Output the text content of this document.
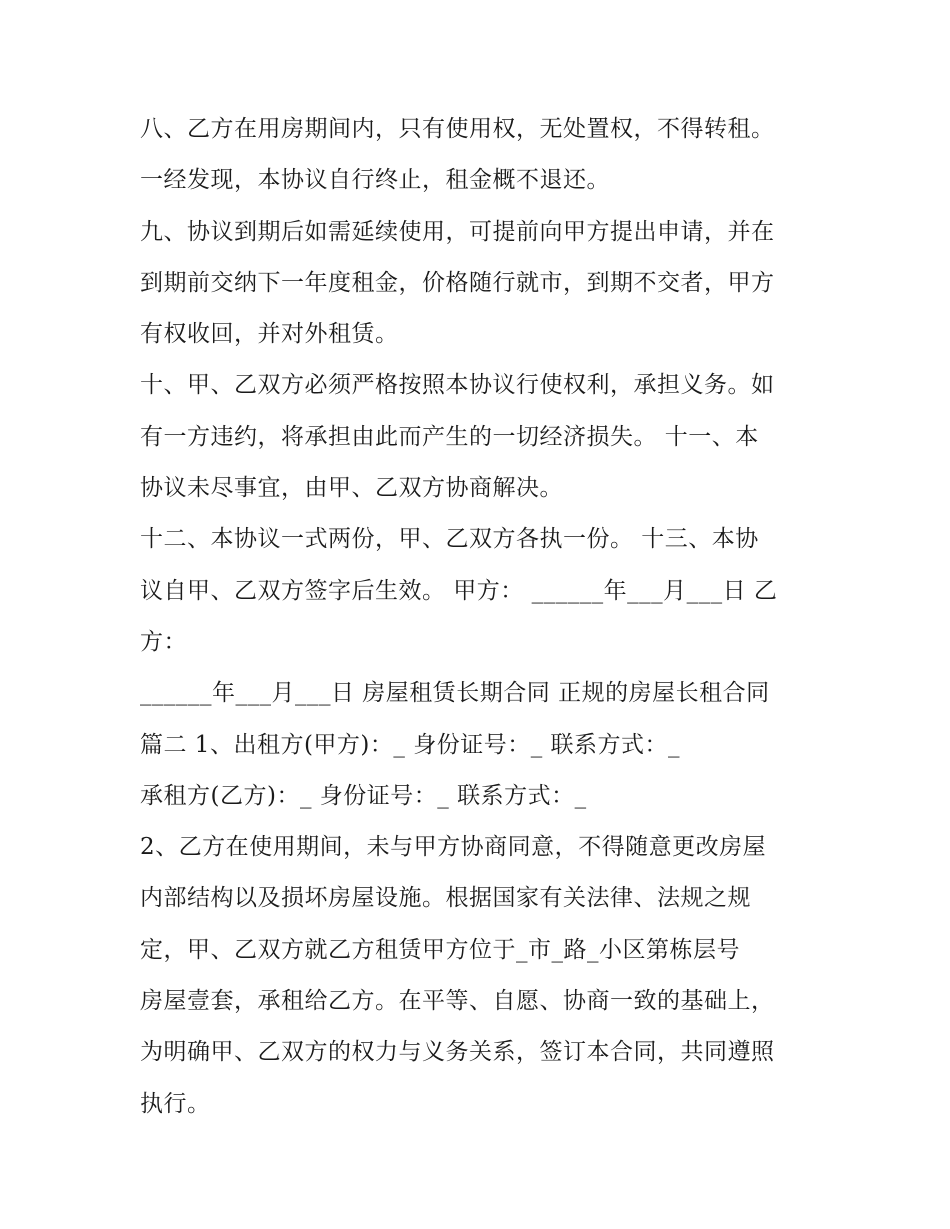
八、乙方在用房期间内，只有使用权，无处置权，不得转租。

一经发现，本协议自行终止，租金概不退还。

九、协议到期后如需延续使用，可提前向甲方提出申请，并在

到期前交纳下一年度租金，价格随行就市，到期不交者，甲方

有权收回，并对外租赁。

十、甲、乙双方必须严格按照本协议行使权利，承担义务。如

有一方违约，将承担由此而产生的一切经济损失。 十一、本

协议未尽事宜，由甲、乙双方协商解决。

十二、本协议一式两份，甲、乙双方各执一份。 十三、本协

议自甲、乙双方签字后生效。 甲方： ______年___月___日 乙

方：

______年___月___日 房屋租赁长期合同 正规的房屋长租合同

篇二 1、出租方(甲方)：_ 身份证号：_ 联系方式：_

承租方(乙方)：_ 身份证号：_ 联系方式：_

2、乙方在使用期间，未与甲方协商同意，不得随意更改房屋

内部结构以及损坏房屋设施。根据国家有关法律、法规之规

定，甲、乙双方就乙方租赁甲方位于_市_路_小区第栋层号

房屋壹套，承租给乙方。在平等、自愿、协商一致的基础上，

为明确甲、乙双方的权力与义务关系，签订本合同，共同遵照

执行。
